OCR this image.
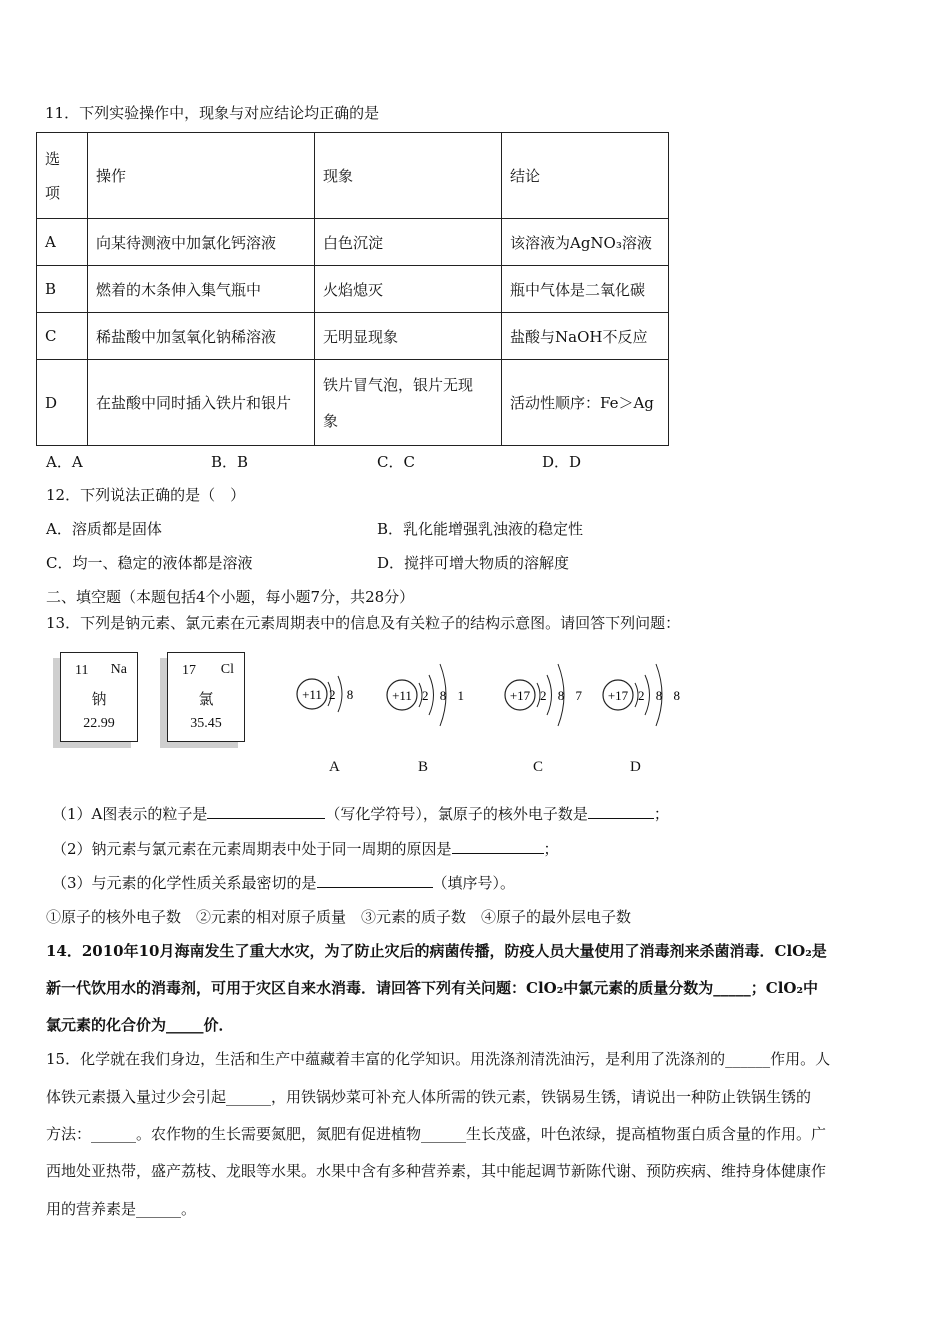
11．下列实验操作中，现象与对应结论均正确的是
选项	操作	现象	结论
A	向某待测液中加氯化钙溶液	白色沉淀	该溶液为AgNO₃溶液
B	燃着的木条伸入集气瓶中	火焰熄灭	瓶中气体是二氧化碳
C	稀盐酸中加氢氧化钠稀溶液	无明显现象	盐酸与NaOH不反应
D	在盐酸中同时插入铁片和银片	铁片冒气泡，银片无现象	活动性顺序：Fe＞Ag
A．A	B．B	C．C	D．D
12．下列说法正确的是（　）
A．溶质都是固体	B．乳化能增强乳浊液的稳定性
C．均一、稳定的液体都是溶液	D．搅拌可增大物质的溶解度
二、填空题（本题包括4个小题，每小题7分，共28分）
13．下列是钠元素、氯元素在元素周期表中的信息及有关粒子的结构示意图。请回答下列问题：
11 Na
钠
22.99
17 Cl
氯
35.45
+11 2 8	+11 2 8 1	+17 2 8 7 +17 2 8 8
A	B	C	D
（1）A图表示的粒子是	（写化学符号），氯原子的核外电子数是	；
（2）钠元素与氯元素在元素周期表中处于同一周期的原因是	；
（3）与元素的化学性质关系最密切的是	（填序号）。
①原子的核外电子数　②元素的相对原子质量　③元素的质子数　④原子的最外层电子数
14．2010年10月海南发生了重大水灾，为了防止灾后的病菌传播，防疫人员大量使用了消毒剂来杀菌消毒．ClO₂是
新一代饮用水的消毒剂，可用于灾区自来水消毒．请回答下列有关问题：ClO₂中氯元素的质量分数为_____；ClO₂中
氯元素的化合价为_____价．
15．化学就在我们身边，生活和生产中蕴藏着丰富的化学知识。用洗涤剂清洗油污，是利用了洗涤剂的______作用。人
体铁元素摄入量过少会引起______，用铁锅炒菜可补充人体所需的铁元素，铁锅易生锈，请说出一种防止铁锅生锈的
方法：______。农作物的生长需要氮肥，氮肥有促进植物______生长茂盛，叶色浓绿，提高植物蛋白质含量的作用。广
西地处亚热带，盛产荔枝、龙眼等水果。水果中含有多种营养素，其中能起调节新陈代谢、预防疾病、维持身体健康作
用的营养素是______。
